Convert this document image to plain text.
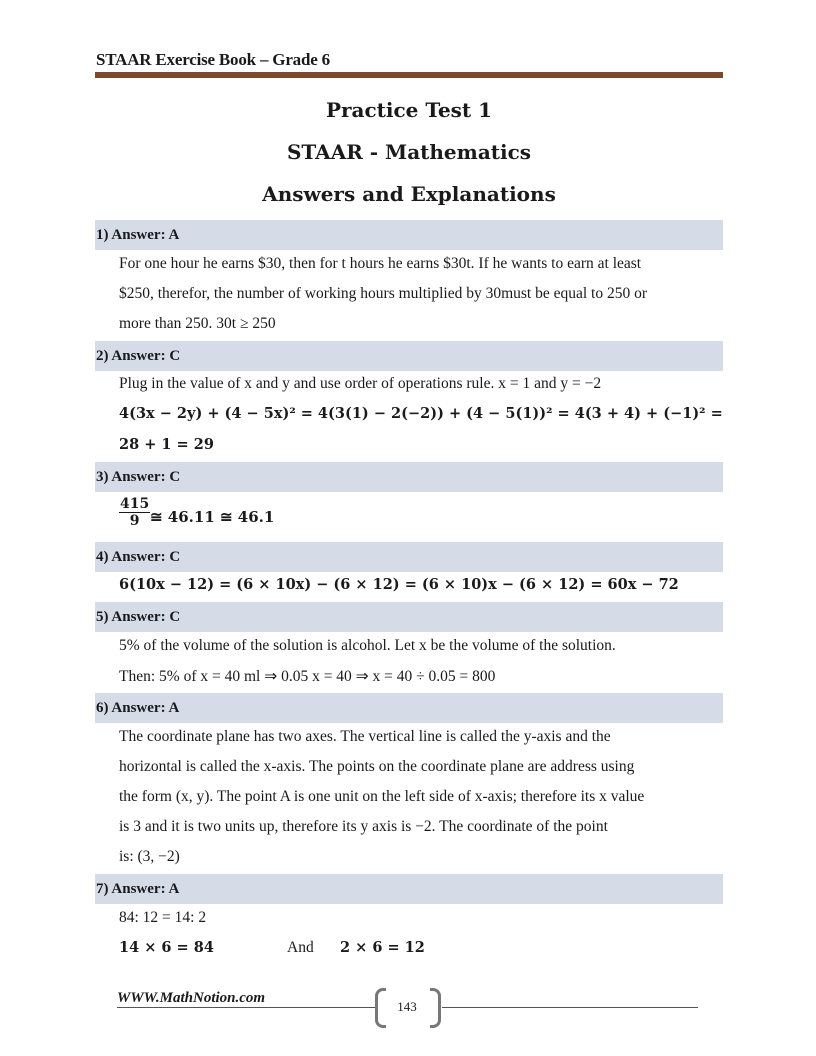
STAAR Exercise Book – Grade 6
Practice Test 1
STAAR - Mathematics
Answers and Explanations
1) Answer: A
For one hour he earns $30, then for t hours he earns $30t. If he wants to earn at least
$250, therefor, the number of working hours multiplied by 30must be equal to 250 or
more than 250. 30t ≥ 250
2) Answer: C
Plug in the value of x and y and use order of operations rule. x = 1 and y = −2
4(3x − 2y) + (4 − 5x)² = 4(3(1) − 2(−2)) + (4 − 5(1))² = 4(3 + 4) + (−1)² =
28 + 1 = 29
3) Answer: C
$\frac{415}{9}$ ≅ 46.11 ≅ 46.1
4) Answer: C
6(10x − 12) = (6 × 10x) − (6 × 12) = (6 × 10)x − (6 × 12) = 60x − 72
5) Answer: C
5% of the volume of the solution is alcohol. Let x be the volume of the solution.
Then: 5% of x = 40 ml ⇒ 0.05 x = 40 ⇒ x = 40 ÷ 0.05 = 800
6) Answer: A
The coordinate plane has two axes. The vertical line is called the y-axis and the
horizontal is called the x-axis. The points on the coordinate plane are address using
the form (x, y). The point A is one unit on the left side of x-axis; therefore its x value
is 3 and it is two units up, therefore its y axis is −2. The coordinate of the point
is: (3, −2)
7) Answer: A
84: 12 = 14: 2
14 × 6 = 84	And 2 × 6 = 12
WWW.MathNotion.com
143
